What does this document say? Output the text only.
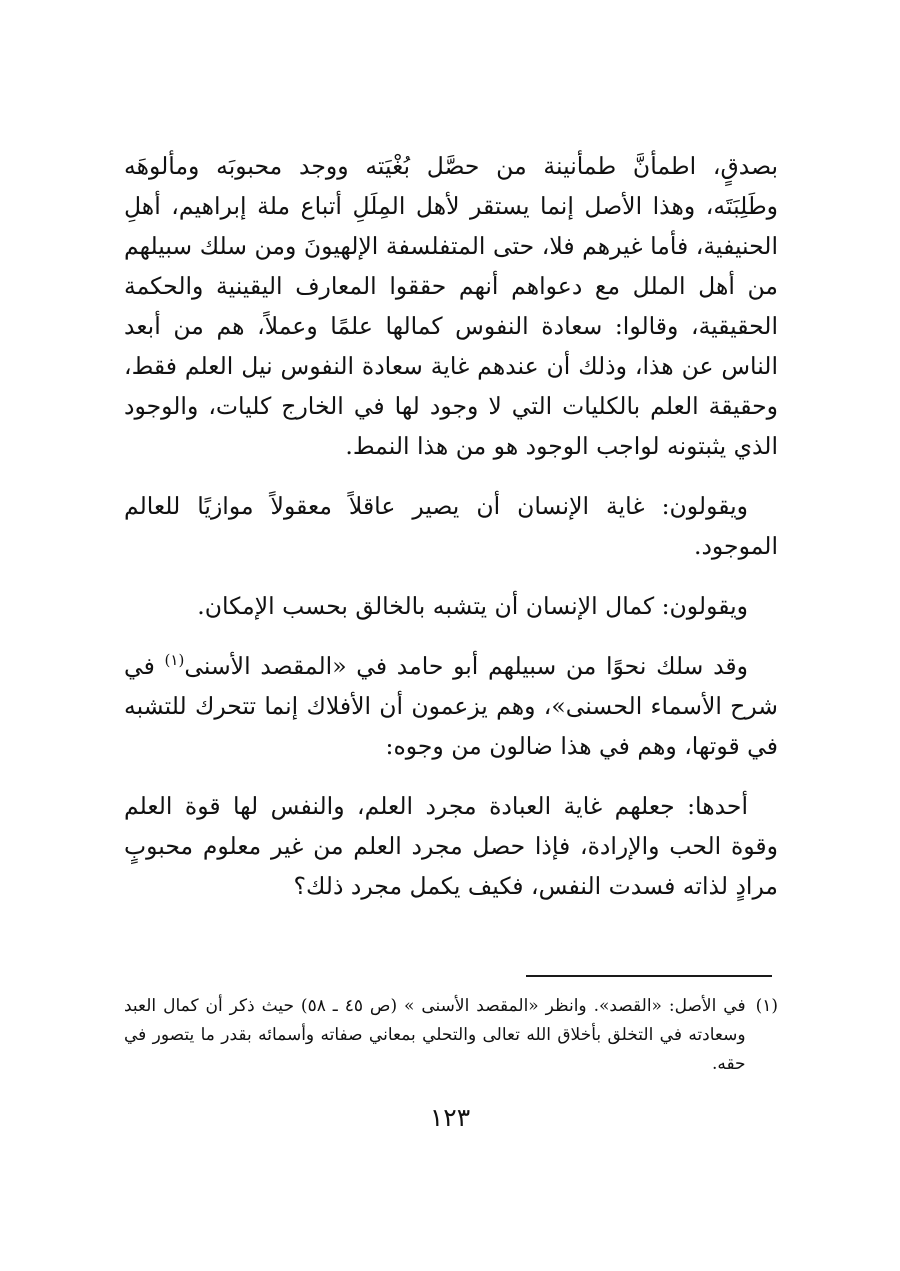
بصدقٍ، اطمأنَّ طمأنينة من حصَّل بُغْيَته ووجد محبوبَه ومألوهَه وطَلِبَتَه، وهذا الأصل إنما يستقر لأهل المِلَلِ أتباع ملة إبراهيم، أهلِ الحنيفية، فأما غيرهم فلا، حتى المتفلسفة الإلهيونَ ومن سلك سبيلهم من أهل الملل مع دعواهم أنهم حققوا المعارف اليقينية والحكمة الحقيقية، وقالوا: سعادة النفوس كمالها علمًا وعملاً، هم من أبعد الناس عن هذا، وذلك أن عندهم غاية سعادة النفوس نيل العلم فقط، وحقيقة العلم بالكليات التي لا وجود لها في الخارج كليات، والوجود الذي يثبتونه لواجب الوجود هو من هذا النمط.

ويقولون: غاية الإنسان أن يصير عاقلاً معقولاً موازيًا للعالم الموجود.

ويقولون: كمال الإنسان أن يتشبه بالخالق بحسب الإمكان.

وقد سلك نحوًا من سبيلهم أبو حامد في «المقصد الأسنى$^{(١)}$ في شرح الأسماء الحسنى»، وهم يزعمون أن الأفلاك إنما تتحرك للتشبه في قوتها، وهم في هذا ضالون من وجوه:

أحدها: جعلهم غاية العبادة مجرد العلم، والنفس لها قوة العلم وقوة الحب والإرادة، فإذا حصل مجرد العلم من غير معلوم محبوبٍ مرادٍ لذاته فسدت النفس، فكيف يكمل مجرد ذلك؟

(١)
في الأصل: «القصد». وانظر «المقصد الأسنى » (ص ٤٥ ـ ٥٨) حيث ذكر أن كمال العبد وسعادته في التخلق بأخلاق الله تعالى والتحلي بمعاني صفاته وأسمائه بقدر ما يتصور في حقه.
١٢٣
